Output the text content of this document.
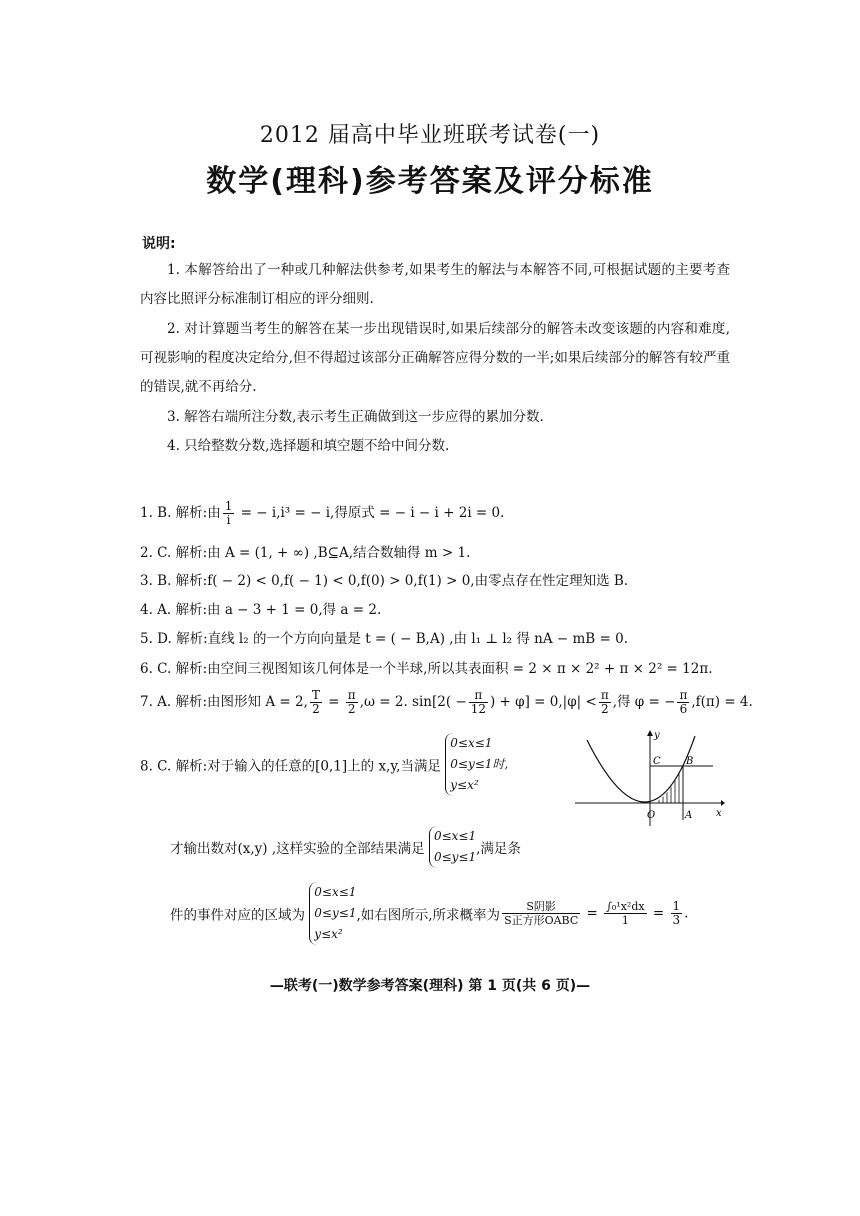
2012 届高中毕业班联考试卷(一)
数学(理科)参考答案及评分标准
说明:
1. 本解答给出了一种或几种解法供参考,如果考生的解法与本解答不同,可根据试题的主要考查内容比照评分标准制订相应的评分细则.
2. 对计算题当考生的解答在某一步出现错误时,如果后续部分的解答未改变该题的内容和难度,可视影响的程度决定给分,但不得超过该部分正确解答应得分数的一半;如果后续部分的解答有较严重的错误,就不再给分.
3. 解答右端所注分数,表示考生正确做到这一步应得的累加分数.
4. 只给整数分数,选择题和填空题不给中间分数.
1. B. 解析:由 $\frac{1}{i}$ = − i,i³ = − i,得原式 = − i − i + 2i = 0.
2. C. 解析:由 A = (1, + ∞) ,B⊆A,结合数轴得 m > 1.
3. B. 解析:f( − 2) < 0,f( − 1) < 0,f(0) > 0,f(1) > 0,由零点存在性定理知选 B.
4. A. 解析:由 a − 3 + 1 = 0,得 a = 2.
5. D. 解析:直线 l₂ 的一个方向向量是 t = ( − B,A) ,由 l₁ ⊥ l₂ 得 nA − mB = 0.
6. C. 解析:由空间三视图知该几何体是一个半球,所以其表面积 = 2 × π × 2² + π × 2² = 12π.
7. A. 解析:由图形知 A = 2, $\frac{T}{2} = \frac{\pi}{2} ,\omega = 2$. $\sin[2( - \frac{\pi}{12}$ ) + $\varphi] = 0,|\varphi| < \frac{\pi}{2}$ ,得 φ = − $\frac{\pi}{6} ,f(\pi) = 4$.
8. C. 解析:对于输入的任意的[0,1]上的 x,y,当满足
0≤x≤1
0≤y≤1时,
y≤x²
才输出数对(x,y) ,这样实验的全部结果满足
0≤x≤1
0≤y≤1 ,满足条
件的事件对应的区域为
0≤x≤1
0≤y≤1
y≤x²
,如右图所示,所求概率为 $\frac{\text{S阴影}}{\text{S正方形OABC}} = \frac{\text{∫₀¹x²dx}}{1} = \frac{1}{3}$ .
y
x
C	B
O	A
—联考(一)数学参考答案(理科) 第 1 页(共 6 页)—
